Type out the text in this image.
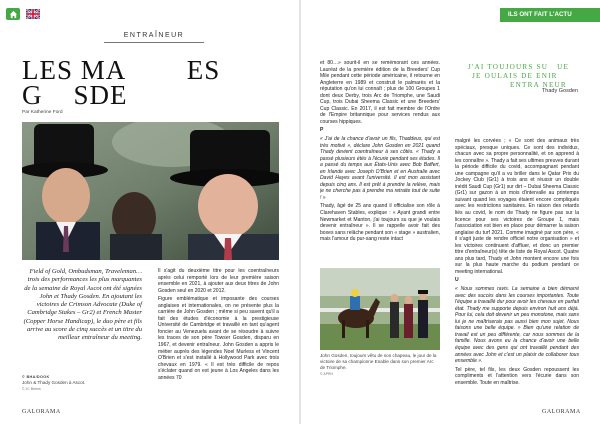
ILS ONT FAIT L'ACTU
ENTRAÎNEUR
LES MA        ES
G    SDE
Par Katherine Ford
Field of Gold, Ombudsman, Traveleman… trois des performances les plus marquantes de la semaine de Royal Ascot ont été signées John et Thady Gosden. En ajoutant les victoires de Crimson Advocate (Duke of Cambridge Stakes – Gr2) et French Master (Copper Horse Handicap), le duo père et fils arrive au score de cinq succès et un titre du meilleur entraîneur du meeting.
© BHA/DOOK
John & Thady Gosden à Ascot.
© JC Briens

Il s'agit du deuxième titre pour les coentraîneurs après celui remporté lors de leur première saison ensemble en 2021, à ajouter aux deux titres de John Gosden seul en 2020 et 2012.

Figure emblématique et imposante des courses anglaises et internationales, on ne présente plus la carrière de John Gosden ; même si peu savent qu'il a fait des études d'économie à la prestigieuse Université de Cambridge et travaillé en tant qu'agent foncier au Venezuela avant de se résoudre à suivre les traces de son père Towser Gosden, disparu en 1967, et devenir entraîneur. John Gosden a appris le métier auprès des légendes Noel Murless et Vincent O'Brien et s'est installé à Hollywood Park avec trois chevaux en 1979. « Il est très difficile de repos s'éclater quand on est jeune à Los Angeles dans les années 70

GALORAMA

et 80…» sourit-il en se remémorant ces années. Lauréat de la première édition de la Breeders' Cup Mile pendant cette période américaine, il retourne en Angleterre en 1989 et construit le palmarès et la réputation qu'on lui connaît ; plus de 100 Groupes 1 dont deux Derby, trois Arc de Triomphe, une Saudi Cup, trois Dubai Sheema Classic et une Breeders' Cup Classic. En 2017, il est fait membre de l'Ordre de l'Empire britannique pour services rendus aux courses hippiques.

P

« J'ai de la chance d'avoir un fils, Thaddeus, qui est très motivé », déclare John Gosden en 2021 quand Thady devient coentraîneur à ses côtés. « Thady a passé plusieurs étés à l'écurie pendant ses études. Il a passé du temps aux États-Unis avec Bob Baffert, en Irlande avec Joseph O'Brien et en Australie avec David Hayes avant l'université. Il est mon assistant depuis cinq ans. Il est prêt à prendre la relève, mais je ne cherche pas à prendre ma retraite tout de suite ! »

Thady, âgé de 25 ans quand il officialise son rôle à Clarehaven Stables, explique : « Ayant grandi entre Newmarket et Manton, j'ai toujours su que je voulais devenir entraîneur ». Il se rappelle avoir fait des boxes sans relâche pendant son « stage » australien, mais l'amour du pur-sang reste intact

John Gosden, toujours vêtu de son chapeau, le jour de la victoire de sa championne Enable dans son premier Arc de Triomphe.
© APRH
J'AI TOUJOURS SU   UE
JE OULAIS DE ENIR
ENTRA NEUR
Thady Gosden

malgré les corvées ; « Ce sont des animaux très spéciaux, presque uniques. Ce sont des individus, chacun avec sa propre personnalité, et on apprend à les connaître ». Thady a fait ses ultimes preuves durant la période difficile du covid, accompagnant pendant une campagne qu'il a vu briller dans le Qatar Prix du Jockey Club (Gr1) à trois ans et réussir un double inédit Saudi Cup (Gr1) sur dirt – Dubai Sheema Classic (Gr1) sur gazon à un mois d'intervalle au printemps suivant quand les voyages étaient encore compliqués avec les restrictions sanitaires. En raison des retards liés au covid, le nom de Thady ne figure pas sur la licence pour ses victoires de Groupe 1, mais l'association est bien en place pour démarrer la saison anglaise du turf 2021. Comme imaginé par son père, « il s'agit juste de rendre officiel notre organisation » et les victoires continuent d'affluer, et donc un premier titre d'entraîneur(s) tête de liste de Royal Ascot. Quatre ans plus tard, Thady et John montent encore une fois sur la plus haute marche du podium pendant ce meeting international.

U

« Nous sommes ravis. La semaine a bien démarré avec des succès dans les courses importantes. Toute l'équipe a travaillé dur pour avoir les chevaux en parfait état. Thady me supporte depuis environ huit ans déjà. Pour lui, cela doit devenir un peu monotone, mais sans lui je ne maîtriserais pas aussi bien mon sujet. Nous faisons une belle équipe. » Bien qu'une relation de travail est un peu différente, car nous sommes de la famille. Nous avons eu la chance d'avoir une belle équipe avec des gens qui ont travaillé pendant des années avec John et c'est un plaisir de collaborer tous ensemble ».

Tel père, tel fils, les deux Gosden repoussent les compliments et l'attention vers l'écurie dans son ensemble. Toute en maîtrise.

GALORAMA
